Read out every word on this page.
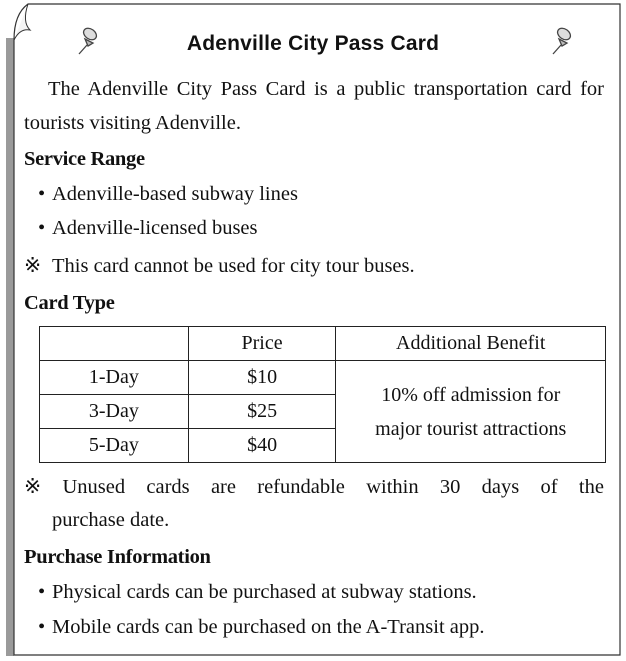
Adenville City Pass Card

The Adenville City Pass Card is a public transportation card for tourists visiting Adenville.

Service Range

• Adenville-based subway lines

• Adenville-licensed buses

※ This card cannot be used for city tour buses.

Card Type

	Price	Additional Benefit
1-Day	$10	10% off admission for
major tourist attractions
3-Day	$25	
5-Day	$40	
※ Unused cards are refundable within 30 days of the
purchase date.

Purchase Information

• Physical cards can be purchased at subway stations.

• Mobile cards can be purchased on the A-Transit app.
